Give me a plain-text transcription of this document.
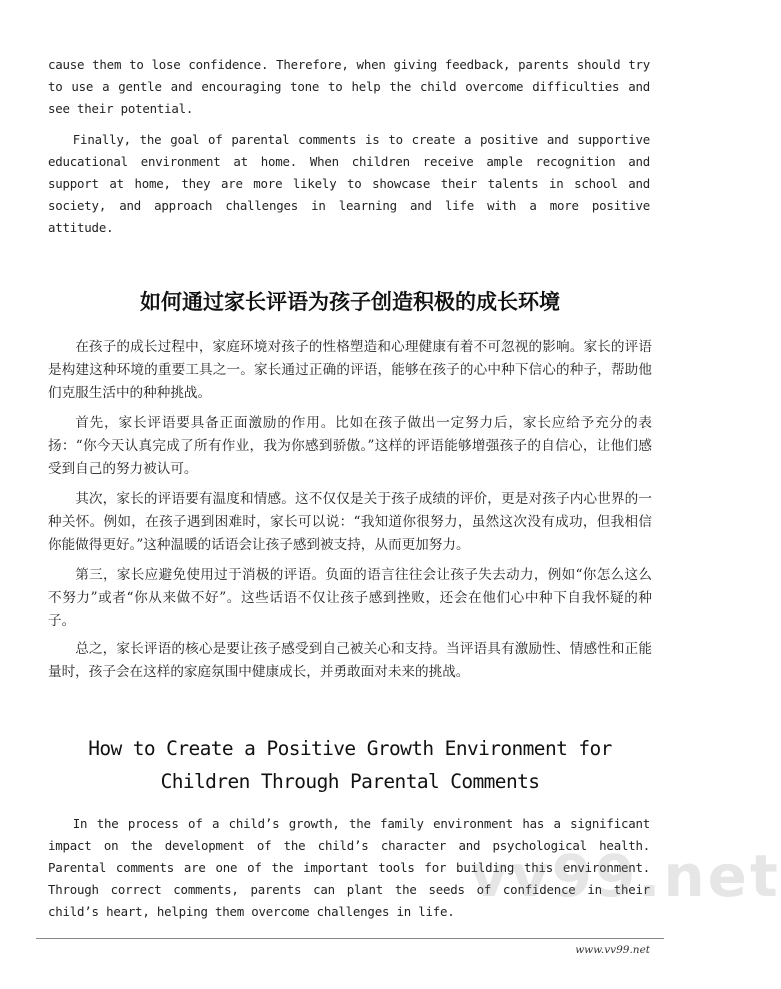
cause them to lose confidence. Therefore, when giving feedback, parents should try to use a gentle and encouraging tone to help the child overcome difficulties and see their potential.

Finally, the goal of parental comments is to create a positive and supportive educational environment at home. When children receive ample recognition and support at home, they are more likely to showcase their talents in school and society, and approach challenges in learning and life with a more positive attitude.

如何通过家长评语为孩子创造积极的成长环境

在孩子的成长过程中，家庭环境对孩子的性格塑造和心理健康有着不可忽视的影响。家长的评语是构建这种环境的重要工具之一。家长通过正确的评语，能够在孩子的心中种下信心的种子，帮助他们克服生活中的种种挑战。

首先，家长评语要具备正面激励的作用。比如在孩子做出一定努力后，家长应给予充分的表扬：“你今天认真完成了所有作业，我为你感到骄傲。”这样的评语能够增强孩子的自信心，让他们感受到自己的努力被认可。

其次，家长的评语要有温度和情感。这不仅仅是关于孩子成绩的评价，更是对孩子内心世界的一种关怀。例如，在孩子遇到困难时，家长可以说：“我知道你很努力，虽然这次没有成功，但我相信你能做得更好。”这种温暖的话语会让孩子感到被支持，从而更加努力。

第三，家长应避免使用过于消极的评语。负面的语言往往会让孩子失去动力，例如“你怎么这么不努力”或者“你从来做不好”。这些话语不仅让孩子感到挫败，还会在他们心中种下自我怀疑的种子。

总之，家长评语的核心是要让孩子感受到自己被关心和支持。当评语具有激励性、情感性和正能量时，孩子会在这样的家庭氛围中健康成长，并勇敢面对未来的挑战。

How to Create a Positive Growth Environment for Children Through Parental Comments

In the process of a child’s growth, the family environment has a significant impact on the development of the child’s character and psychological health. Parental comments are one of the important tools for building this environment. Through correct comments, parents can plant the seeds of confidence in their child’s heart, helping them overcome challenges in life.

vv99.net
www.vv99.net
